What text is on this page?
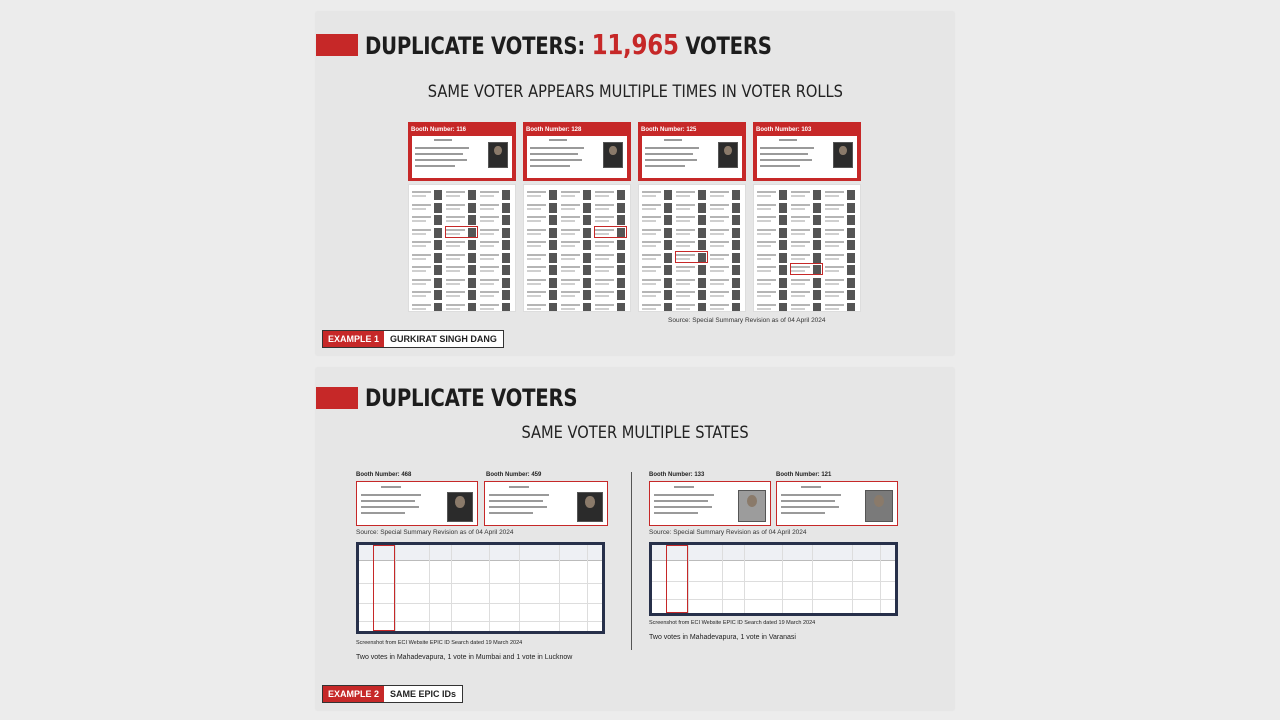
DUPLICATE VOTERS: 11,965 VOTERS
SAME VOTER APPEARS MULTIPLE TIMES IN VOTER ROLLS
Booth Number: 116	Booth Number: 128	Booth Number: 125	Booth Number: 103
Source: Special Summary Revision as of 04 April 2024
EXAMPLE 1	GURKIRAT SINGH DANG
DUPLICATE VOTERS
SAME VOTER MULTIPLE STATES
Booth Number: 468	Booth Number: 459
Source: Special Summary Revision as of 04 April 2024
Screenshot from ECI Website EPIC ID Search dated 19 March 2024
Two votes in Mahadevapura, 1 vote in Mumbai and 1 vote in Lucknow
Booth Number: 133	Booth Number: 121
Source: Special Summary Revision as of 04 April 2024
Screenshot from ECI Website EPIC ID Search dated 19 March 2024
Two votes in Mahadevapura, 1 vote in Varanasi
EXAMPLE 2	SAME EPIC IDs
